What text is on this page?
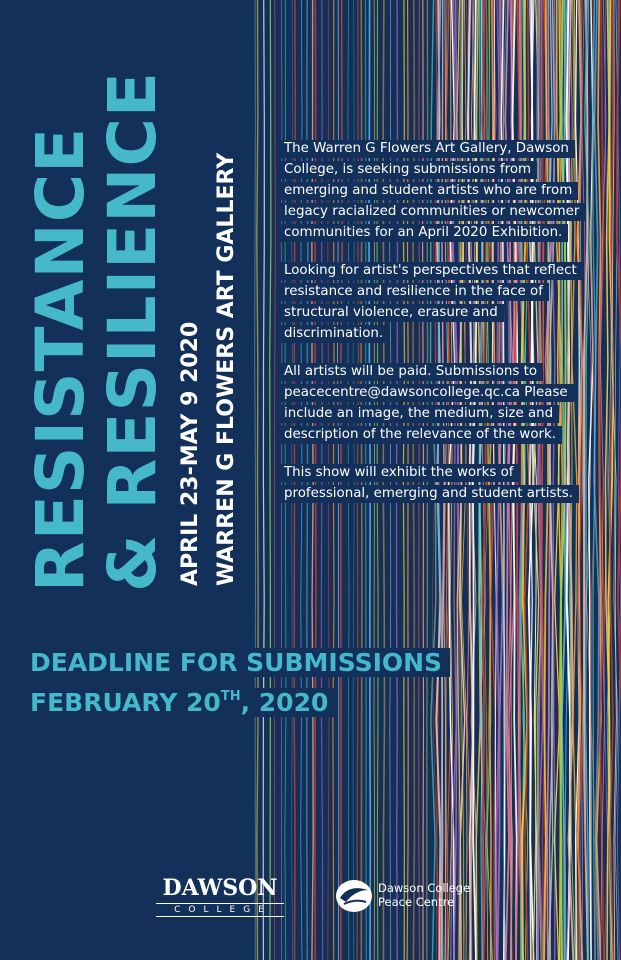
RESISTANCE
& RESILIENCE APRIL 23-MAY 9 2020 WARREN G FLOWERS ART GALLERY

The Warren G Flowers Art Gallery, Dawson College, is seeking submissions from emerging and student artists who are from legacy racialized communities or newcomer communities for an April 2020 Exhibition.

Looking for artist's perspectives that reflect resistance and resilience in the face of structural violence, erasure and discrimination.

All artists will be paid. Submissions to peacecentre@dawsoncollege.qc.ca Please include an image, the medium, size and description of the relevance of the work.

This show will exhibit the works of professional, emerging and student artists.

DEADLINE FOR SUBMISSIONS
FEBRUARY 20TH, 2020
DAWSON
COLLEGE
Dawson College
Peace Centre
